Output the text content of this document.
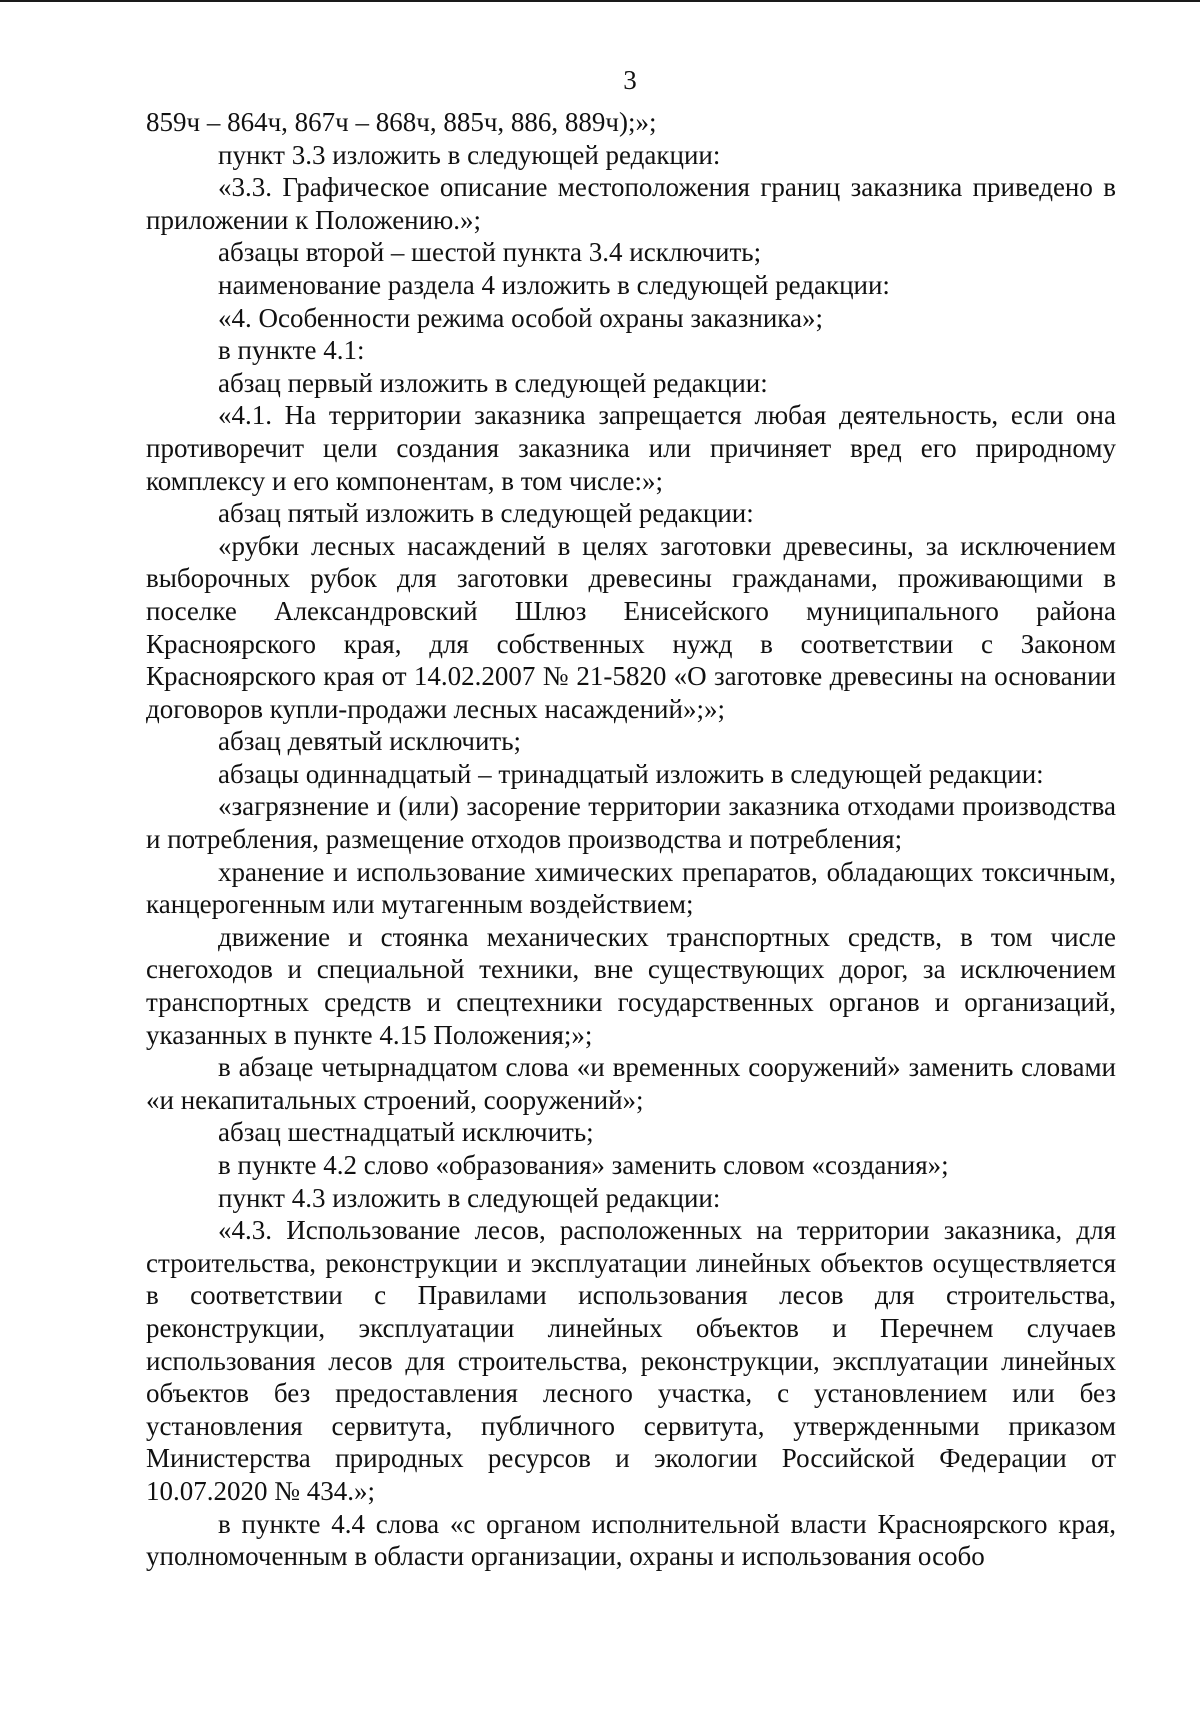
3

859ч – 864ч, 867ч – 868ч, 885ч, 886, 889ч);»;

пункт 3.3 изложить в следующей редакции:

«3.3. Графическое описание местоположения границ заказника приведено в приложении к Положению.»;

абзацы второй – шестой пункта 3.4 исключить;

наименование раздела 4 изложить в следующей редакции:

«4. Особенности режима особой охраны заказника»;

в пункте 4.1:

абзац первый изложить в следующей редакции:

«4.1. На территории заказника запрещается любая деятельность, если она противоречит цели создания заказника или причиняет вред его природному комплексу и его компонентам, в том числе:»;

абзац пятый изложить в следующей редакции:

«рубки лесных насаждений в целях заготовки древесины, за исключением выборочных рубок для заготовки древесины гражданами, проживающими в поселке Александровский Шлюз Енисейского муниципального района Красноярского края, для собственных нужд в соответствии с Законом Красноярского края от 14.02.2007 № 21-5820 «О заготовке древесины на основании договоров купли-продажи лесных насаждений»;»;

абзац девятый исключить;

абзацы одиннадцатый – тринадцатый изложить в следующей редакции:

«загрязнение и (или) засорение территории заказника отходами производства и потребления, размещение отходов производства и потребления;

хранение и использование химических препаратов, обладающих токсичным, канцерогенным или мутагенным воздействием;

движение и стоянка механических транспортных средств, в том числе снегоходов и специальной техники, вне существующих дорог, за исключением транспортных средств и спецтехники государственных органов и организаций, указанных в пункте 4.15 Положения;»;

в абзаце четырнадцатом слова «и временных сооружений» заменить словами «и некапитальных строений, сооружений»;

абзац шестнадцатый исключить;

в пункте 4.2 слово «образования» заменить словом «создания»;

пункт 4.3 изложить в следующей редакции:

«4.3. Использование лесов, расположенных на территории заказника, для строительства, реконструкции и эксплуатации линейных объектов осуществляется в соответствии с Правилами использования лесов для строительства, реконструкции, эксплуатации линейных объектов и Перечнем случаев использования лесов для строительства, реконструкции, эксплуатации линейных объектов без предоставления лесного участка, с установлением или без установления сервитута, публичного сервитута, утвержденными приказом Министерства природных ресурсов и экологии Российской Федерации от 10.07.2020 № 434.»;

в пункте 4.4 слова «с органом исполнительной власти Красноярского края, уполномоченным в области организации, охраны и использования особо
